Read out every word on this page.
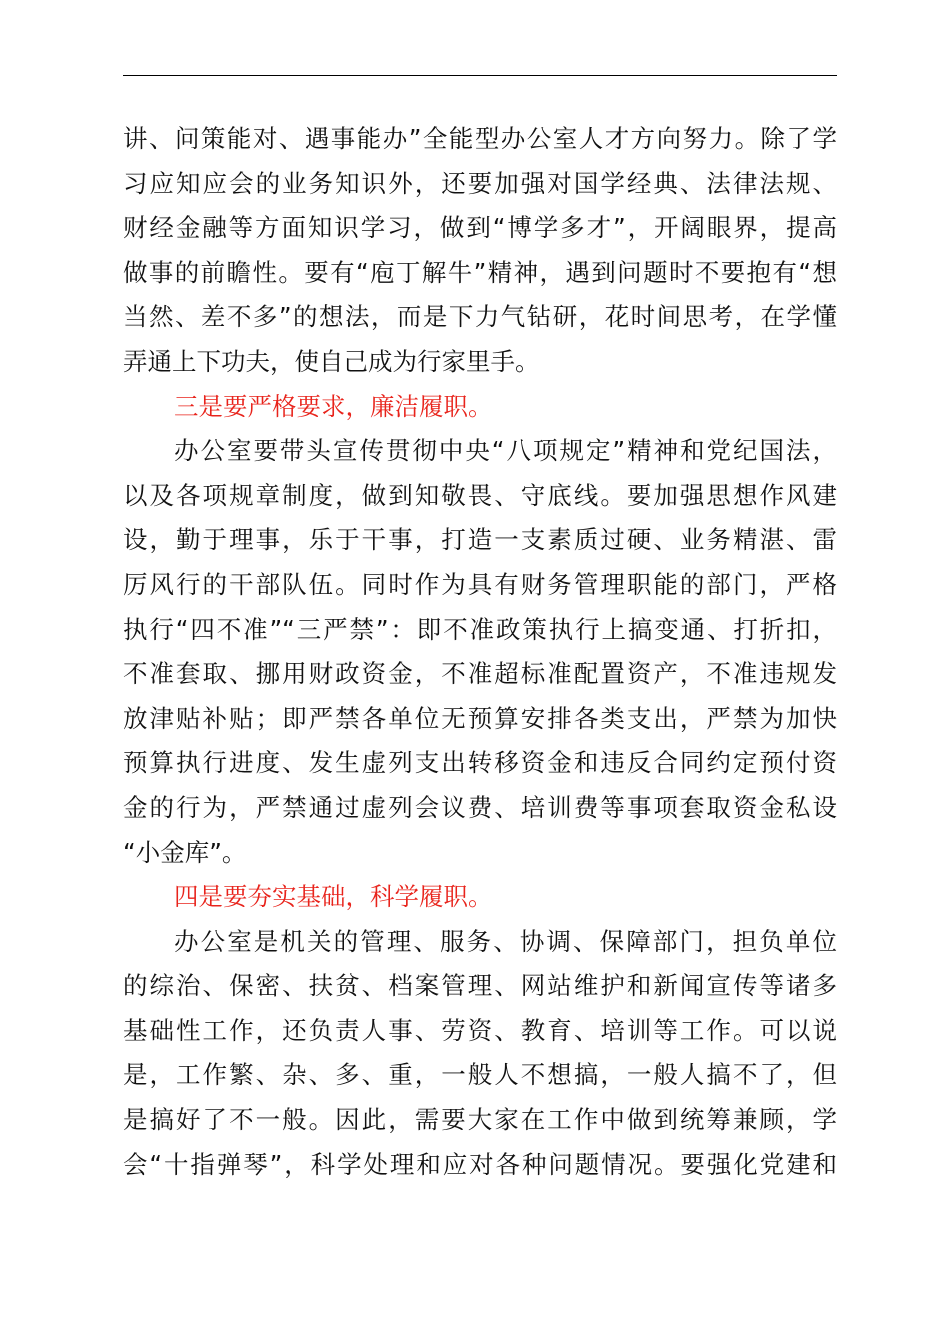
讲、问策能对、遇事能办”全能型办公室人才方向努力。除了学
习应知应会的业务知识外，还要加强对国学经典、法律法规、
财经金融等方面知识学习，做到“博学多才”，开阔眼界，提高
做事的前瞻性。要有“庖丁解牛”精神，遇到问题时不要抱有“想
当然、差不多”的想法，而是下力气钻研，花时间思考，在学懂
弄通上下功夫，使自己成为行家里手。
三是要严格要求，廉洁履职。
办公室要带头宣传贯彻中央“八项规定”精神和党纪国法，
以及各项规章制度，做到知敬畏、守底线。要加强思想作风建
设，勤于理事，乐于干事，打造一支素质过硬、业务精湛、雷
厉风行的干部队伍。同时作为具有财务管理职能的部门，严格
执行“四不准”“三严禁”：即不准政策执行上搞变通、打折扣，
不准套取、挪用财政资金，不准超标准配置资产，不准违规发
放津贴补贴；即严禁各单位无预算安排各类支出，严禁为加快
预算执行进度、发生虚列支出转移资金和违反合同约定预付资
金的行为，严禁通过虚列会议费、培训费等事项套取资金私设
“小金库”。
四是要夯实基础，科学履职。
办公室是机关的管理、服务、协调、保障部门，担负单位
的综治、保密、扶贫、档案管理、网站维护和新闻宣传等诸多
基础性工作，还负责人事、劳资、教育、培训等工作。可以说
是，工作繁、杂、多、重，一般人不想搞，一般人搞不了，但
是搞好了不一般。因此，需要大家在工作中做到统筹兼顾，学
会“十指弹琴”，科学处理和应对各种问题情况。要强化党建和
